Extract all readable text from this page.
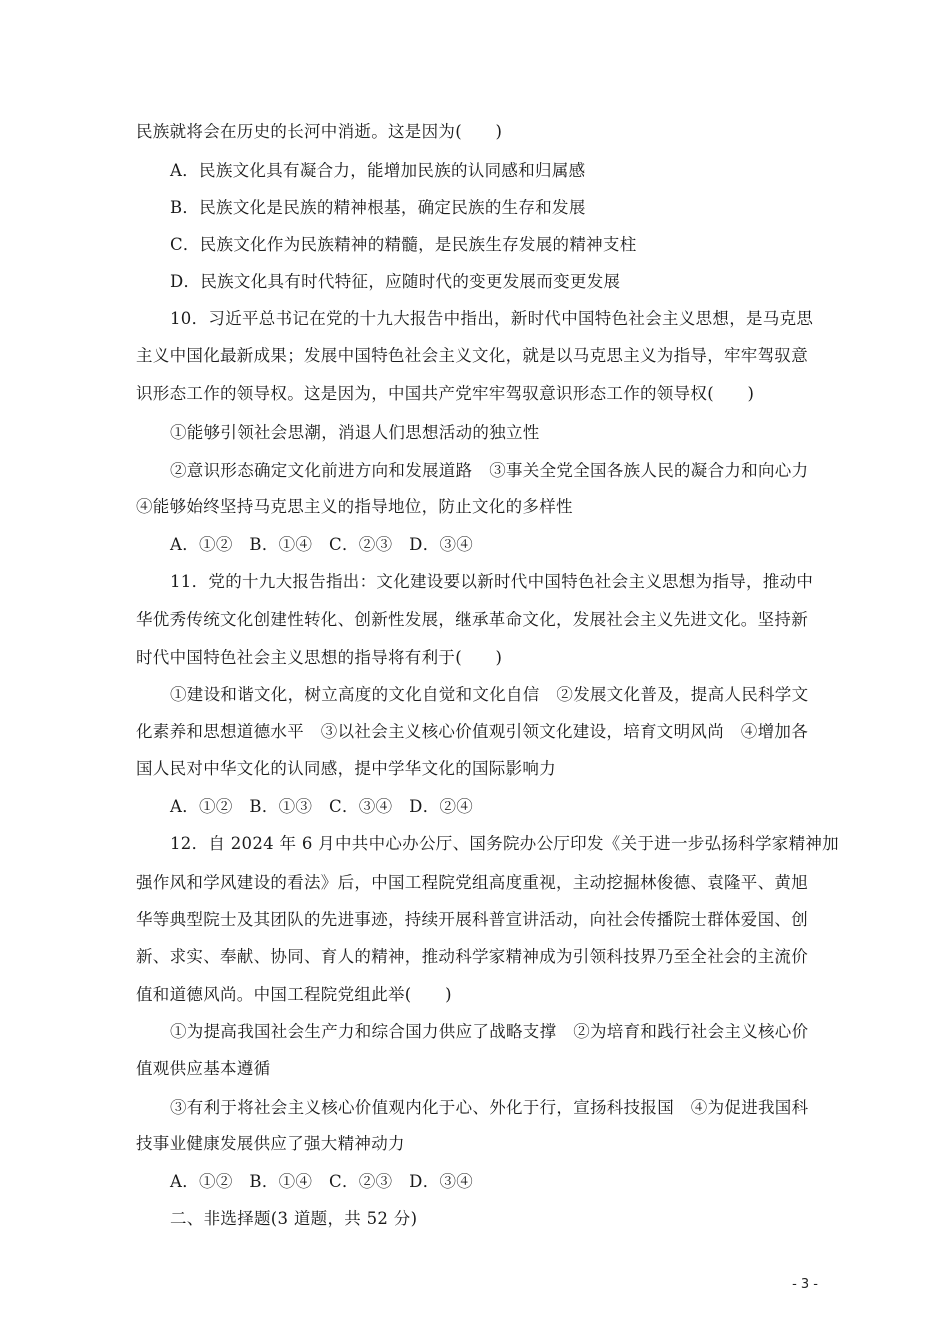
民族就将会在历史的长河中消逝。这是因为(　　)
A．民族文化具有凝合力，能增加民族的认同感和归属感
B．民族文化是民族的精神根基，确定民族的生存和发展
C．民族文化作为民族精神的精髓，是民族生存发展的精神支柱
D．民族文化具有时代特征，应随时代的变更发展而变更发展
10．习近平总书记在党的十九大报告中指出，新时代中国特色社会主义思想，是马克思
主义中国化最新成果；发展中国特色社会主义文化，就是以马克思主义为指导，牢牢驾驭意
识形态工作的领导权。这是因为，中国共产党牢牢驾驭意识形态工作的领导权(　　)
①能够引领社会思潮，消退人们思想活动的独立性
②意识形态确定文化前进方向和发展道路　③事关全党全国各族人民的凝合力和向心力
④能够始终坚持马克思主义的指导地位，防止文化的多样性
A．①②　B．①④　C．②③　D．③④
11．党的十九大报告指出：文化建设要以新时代中国特色社会主义思想为指导，推动中
华优秀传统文化创建性转化、创新性发展，继承革命文化，发展社会主义先进文化。坚持新
时代中国特色社会主义思想的指导将有利于(　　)
①建设和谐文化，树立高度的文化自觉和文化自信　②发展文化普及，提高人民科学文
化素养和思想道德水平　③以社会主义核心价值观引领文化建设，培育文明风尚　④增加各
国人民对中华文化的认同感，提中学华文化的国际影响力
A．①②　B．①③　C．③④　D．②④
12．自 2024 年 6 月中共中心办公厅、国务院办公厅印发《关于进一步弘扬科学家精神加
强作风和学风建设的看法》后，中国工程院党组高度重视，主动挖掘林俊德、袁隆平、黄旭
华等典型院士及其团队的先进事迹，持续开展科普宣讲活动，向社会传播院士群体爱国、创
新、求实、奉献、协同、育人的精神，推动科学家精神成为引领科技界乃至全社会的主流价
值和道德风尚。中国工程院党组此举(　　)
①为提高我国社会生产力和综合国力供应了战略支撑　②为培育和践行社会主义核心价
值观供应基本遵循
③有利于将社会主义核心价值观内化于心、外化于行，宣扬科技报国　④为促进我国科
技事业健康发展供应了强大精神动力
A．①②　B．①④　C．②③　D．③④
二、非选择题(3 道题，共 52 分)
- 3 -
